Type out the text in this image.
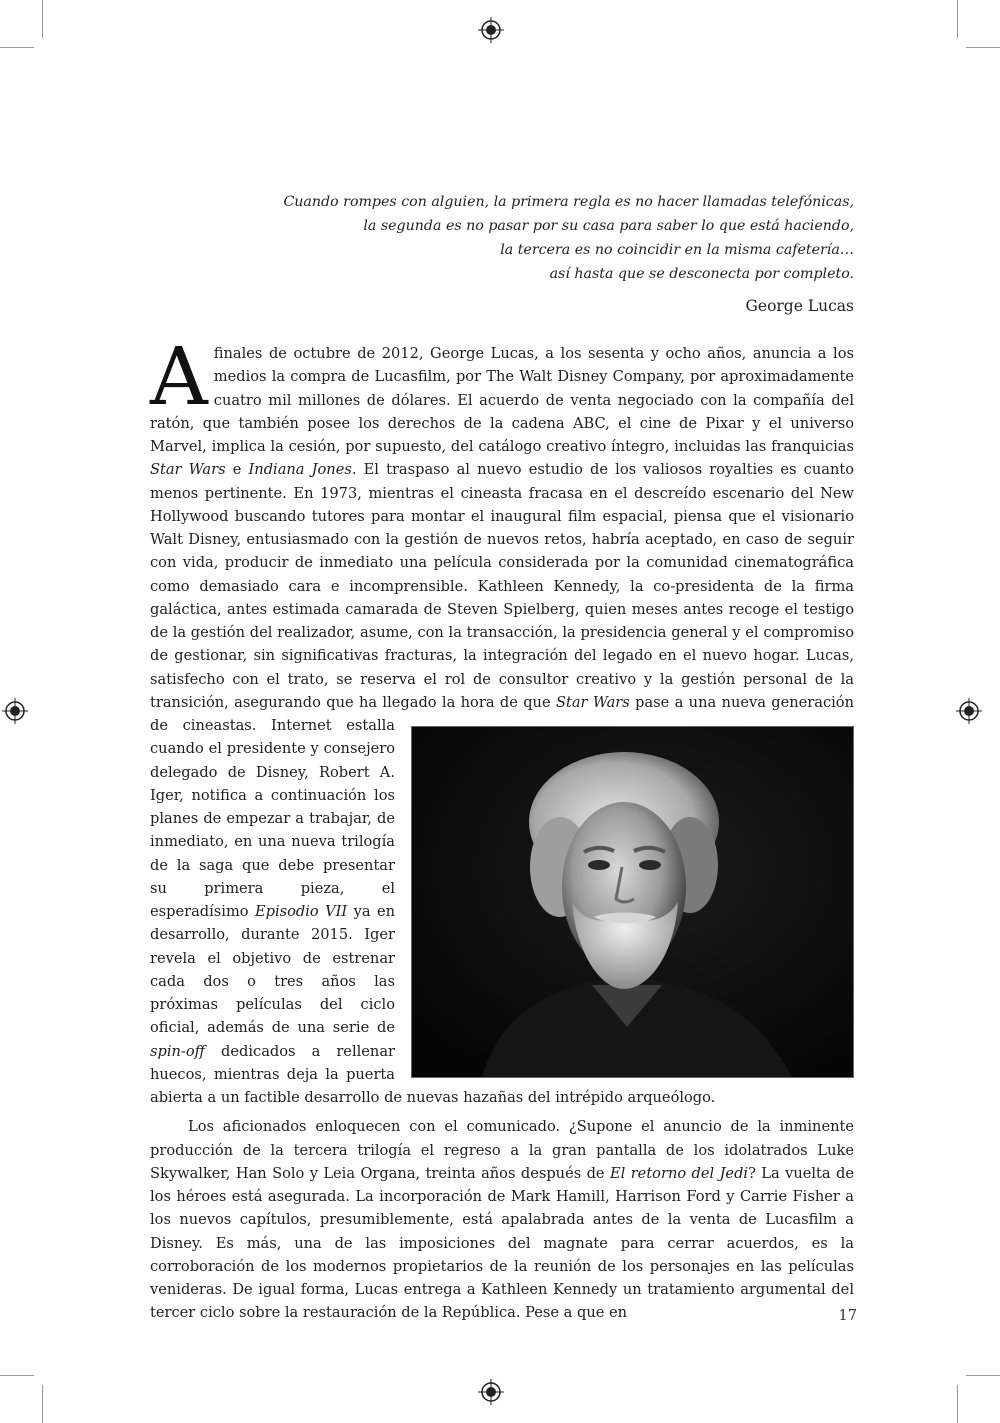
Cuando rompes con alguien, la primera regla es no hacer llamadas telefónicas,
la segunda es no pasar por su casa para saber lo que está haciendo,
la tercera es no coincidir en la misma cafetería…
así hasta que se desconecta por completo.

George Lucas

Afinales de octubre de 2012, George Lucas, a los sesenta y ocho años, anuncia a los medios la compra de Lucasfilm, por The Walt Disney Company, por aproximadamente cuatro mil millones de dólares. El acuerdo de venta negociado con la compañía del ratón, que también posee los derechos de la cadena ABC, el cine de Pixar y el universo Marvel, implica la cesión, por supuesto, del catálogo creativo íntegro, incluidas las franquicias Star Wars e Indiana Jones. El traspaso al nuevo estudio de los valiosos royalties es cuanto menos pertinente. En 1973, mientras el cineasta fracasa en el descreído escenario del New Hollywood buscando tutores para montar el inaugural film espacial, piensa que el visionario Walt Disney, entusiasmado con la gestión de nuevos retos, habría aceptado, en caso de seguir con vida, producir de inmediato una película considerada por la comunidad cinematográfica como demasiado cara e incomprensible. Kathleen Kennedy, la co-presidenta de la firma galáctica, antes estimada camarada de Steven Spielberg, quien meses antes recoge el testigo de la gestión del realizador, asume, con la transacción, la presidencia general y el compromiso de gestionar, sin significativas fracturas, la integración del legado en el nuevo hogar. Lucas, satisfecho con el trato, se reserva el rol de consultor creativo y la gestión personal de la transición, asegurando que ha llegado la hora de que
Star Wars pase a una nueva generación de cineastas. Internet estalla cuando el presidente y consejero delegado de Disney, Robert A. Iger, notifica a continuación los planes de empezar a trabajar, de inmediato, en una nueva trilogía de la saga que debe presentar su primera pieza, el esperadísimo Episodio VII ya en desarrollo, durante 2015. Iger revela el objetivo de estrenar cada dos o tres años las próximas películas del ciclo oficial, además de una serie de spin-off dedicados a rellenar huecos, mientras deja la puerta abierta a un factible desarrollo de nuevas hazañas del intrépido arqueólogo.

Los aficionados enloquecen con el comunicado. ¿Supone el anuncio de la inminente producción de la tercera trilogía el regreso a la gran pantalla de los idolatrados Luke Skywalker, Han Solo y Leia Organa, treinta años después de El retorno del Jedi? La vuelta de los héroes está asegurada. La incorporación de Mark Hamill, Harrison Ford y Carrie Fisher a los nuevos capítulos, presumiblemente, está apalabrada antes de la venta de Lucasfilm a Disney. Es más, una de las imposiciones del magnate para cerrar acuerdos, es la corroboración de los modernos propietarios de la reunión de los personajes en las películas venideras. De igual forma, Lucas entrega a Kathleen Kennedy un tratamiento argumental del tercer ciclo sobre la restauración de la República. Pese a que en	17
